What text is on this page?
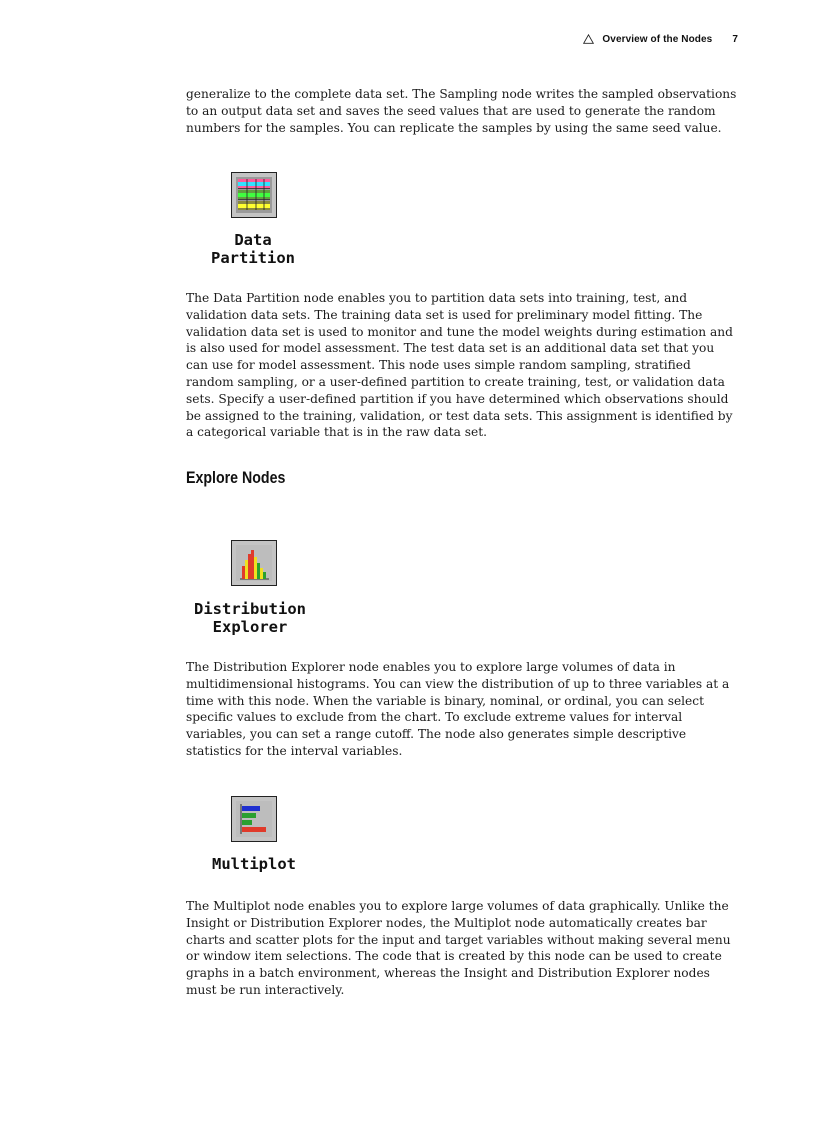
Overview of the Nodes 7

generalize to the complete data set. The Sampling node writes the sampled observations to an output data set and saves the seed values that are used to generate the random numbers for the samples. You can replicate the samples by using the same seed value.

Data
Partition

The Data Partition node enables you to partition data sets into training, test, and validation data sets. The training data set is used for preliminary model fitting. The validation data set is used to monitor and tune the model weights during estimation and is also used for model assessment. The test data set is an additional data set that you can use for model assessment. This node uses simple random sampling, stratified random sampling, or a user-defined partition to create training, test, or validation data sets. Specify a user-defined partition if you have determined which observations should be assigned to the training, validation, or test data sets. This assignment is identified by a categorical variable that is in the raw data set.

Explore Nodes
Distribution
Explorer

The Distribution Explorer node enables you to explore large volumes of data in multidimensional histograms. You can view the distribution of up to three variables at a time with this node. When the variable is binary, nominal, or ordinal, you can select specific values to exclude from the chart. To exclude extreme values for interval variables, you can set a range cutoff. The node also generates simple descriptive statistics for the interval variables.

Multiplot

The Multiplot node enables you to explore large volumes of data graphically. Unlike the Insight or Distribution Explorer nodes, the Multiplot node automatically creates bar charts and scatter plots for the input and target variables without making several menu or window item selections. The code that is created by this node can be used to create graphs in a batch environment, whereas the Insight and Distribution Explorer nodes must be run interactively.
